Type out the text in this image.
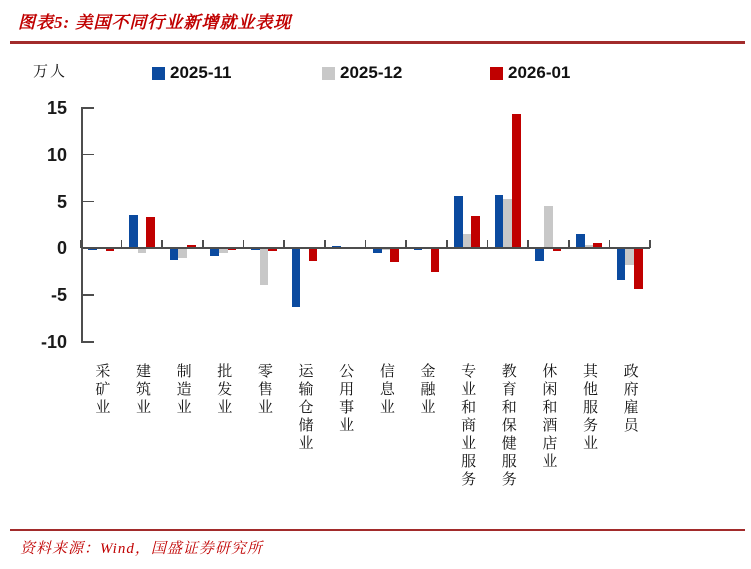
图表5: 美国不同行业新增就业表现
万人	2025-11	2025-12	2026-01
15
10
5
0
-5
-10
采矿业 建筑业 制造业 批发业 零售业 运输仓储业 公用事业 信息业 金融业 专业和商业服务 教育和保健服务 休闲和酒店业 其他服务业 政府雇员
资料来源：Wind，国盛证券研究所
